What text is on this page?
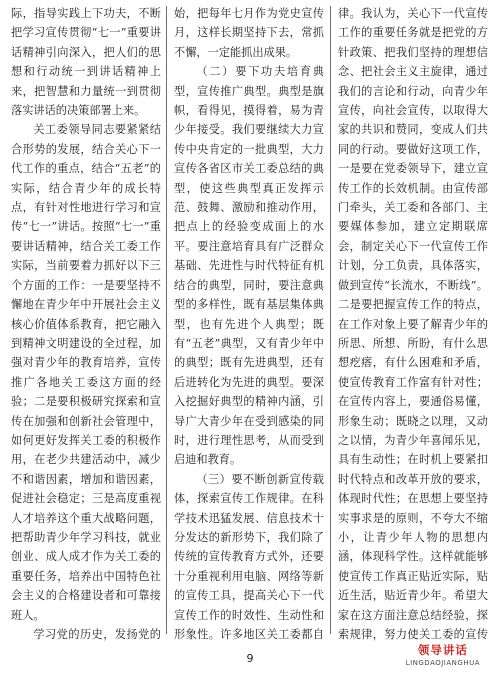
际，指导实践上下功夫，不断把学习宣传贯彻“七一”重要讲话精神引向深入，把人们的思想和行动统一到讲话精神上来，把智慧和力量统一到贯彻落实讲话的决策部署上来。

关工委领导同志要紧紧结合形势的发展，结合关心下一代工作的重点，结合“五老”的实际，结合青少年的成长特点，有针对性地进行学习和宣传“七一”讲话。按照“七一”重要讲话精神，结合关工委工作实际，当前要着力抓好以下三个方面的工作：一是要坚持不懈地在青少年中开展社会主义核心价值体系教育，把它融入到精神文明建设的全过程，加强对青少年的教育培养，宣传推广各地关工委这方面的经验；二是要积极研究探索和宣传在加强和创新社会管理中，如何更好发挥关工委的积极作用，在老少共建活动中，减少不和谐因素，增加和谐因素，促进社会稳定；三是高度重视人才培养这个重大战略问题，把帮助青少年学习科技，就业创业、成人成才作为关工委的重要任务，培养出中国特色社会主义的合格建设者和可靠接班人。

学习党的历史，发扬党的

始，把每年七月作为党史宣传月，这样长期坚持下去，常抓不懈，一定能抓出成果。

（二）要下功夫培育典型，宣传推广典型。典型是旗帜，看得见，摸得着，易为青少年接受。我们要继续大力宣传中央肯定的一批典型，大力宣传各省区市关工委总结的典型，使这些典型真正发挥示范、鼓舞、激励和推动作用，把点上的经验变成面上的水平。要注意培育具有广泛群众基础、先进性与时代特征有机结合的典型，同时，要注意典型的多样性，既有基层集体典型，也有先进个人典型；既有“五老”典型，又有青少年中的典型；既有先进典型，还有后进转化为先进的典型。要深入挖掘好典型的精神内涵，引导广大青少年在受到感染的同时，进行理性思考，从而受到启迪和教育。

（三）要不断创新宣传载体，探索宣传工作规律。在科学技术迅猛发展、信息技术十分发达的新形势下，我们除了传统的宣传教育方式外，还要十分重视利用电脑、网络等新的宣传工具，提高关心下一代宣传工作的时效性、生动性和形象性。许多地区关工委都自

律。我认为，关心下一代宣传工作的重要任务就是把党的方针政策、把我们坚持的理想信念、把社会主义主旋律，通过我们的言论和行动，向青少年宣传，向社会宣传，以取得大家的共识和赞同，变成人们共同的行动。要做好这项工作，一是要在党委领导下，建立宣传工作的长效机制。由宣传部门牵头，关工委和各部门、主要媒体参加，建立定期联席会，制定关心下一代宣传工作计划，分工负责，具体落实，做到宣传“长流水，不断线”。二是要把握宣传工作的特点，在工作对象上要了解青少年的所思、所想、所盼，有什么思想疙瘩，有什么困难和矛盾，使宣传教育工作富有针对性；在宣传内容上，要通俗易懂，形象生动；既晓之以理，又动之以情，为青少年喜闻乐见，具有生动性；在时机上要紧扣时代特点和改革开放的要求，体现时代性；在思想上要坚持实事求是的原则，不夸大不缩小，让青少年人物的思想内涵，体现科学性。这样就能够使宣传工作真正贴近实际，贴近生活，贴近青少年。希望大家在这方面注意总结经验，探索规律，努力使关工委的宣传

9
领导讲话
LINGDAOJIANGHUA
